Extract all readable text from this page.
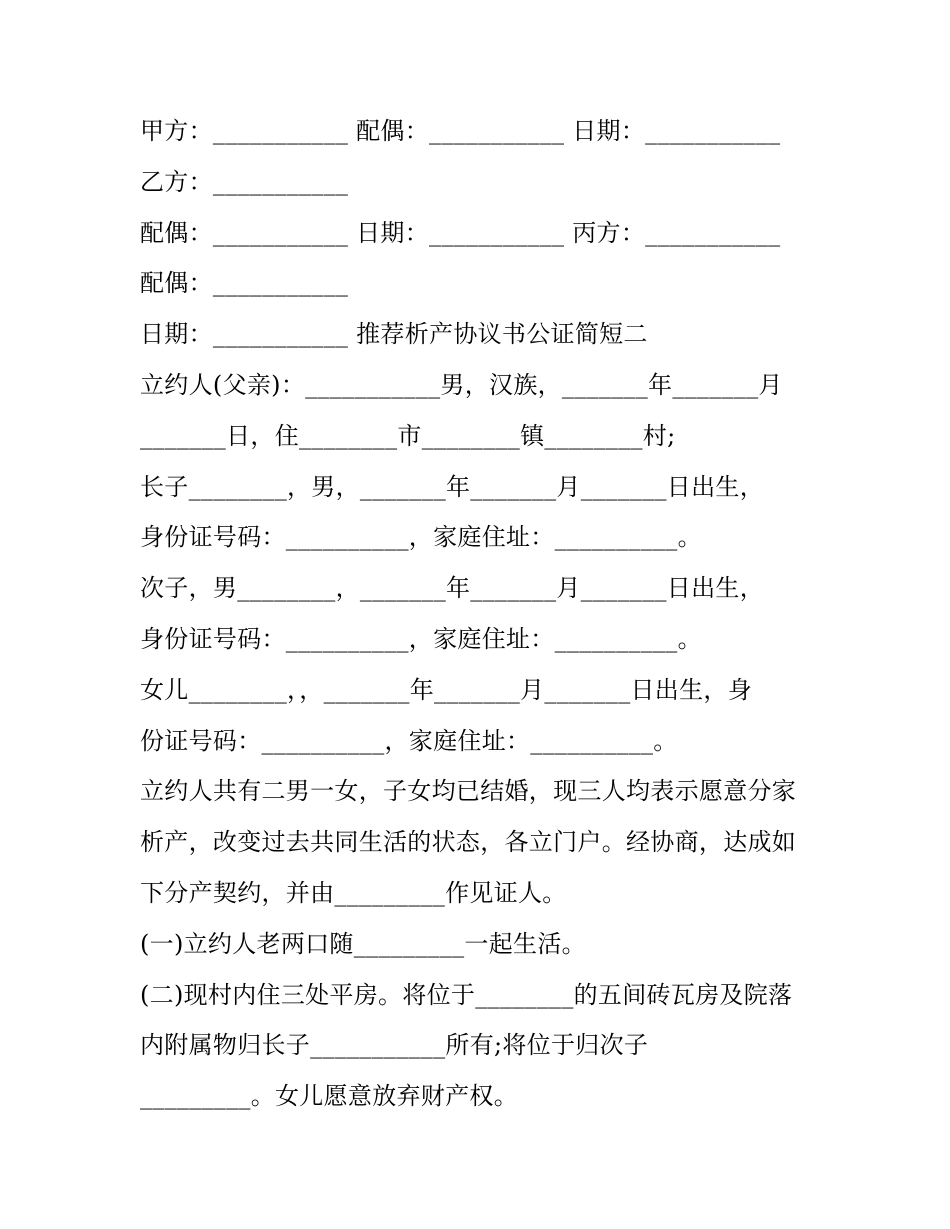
甲方：___________ 配偶：___________ 日期：___________
乙方：___________
配偶：___________ 日期：___________ 丙方：___________
配偶：___________
日期：___________ 推荐析产协议书公证简短二
立约人(父亲)：___________男，汉族，_______年_______月
_______日，住________市________镇________村;
长子________，男，_______年_______月_______日出生，
身份证号码：__________，家庭住址：__________。
次子，男________，_______年_______月_______日出生，
身份证号码：__________，家庭住址：__________。
女儿________，，_______年_______月_______日出生，身
份证号码：__________，家庭住址：__________。
立约人共有二男一女，子女均已结婚，现三人均表示愿意分家
析产，改变过去共同生活的状态，各立门户。经协商，达成如
下分产契约，并由_________作见证人。
(一)立约人老两口随_________一起生活。
(二)现村内住三处平房。将位于________的五间砖瓦房及院落
内附属物归长子___________所有;将位于归次子
_________。女儿愿意放弃财产权。
